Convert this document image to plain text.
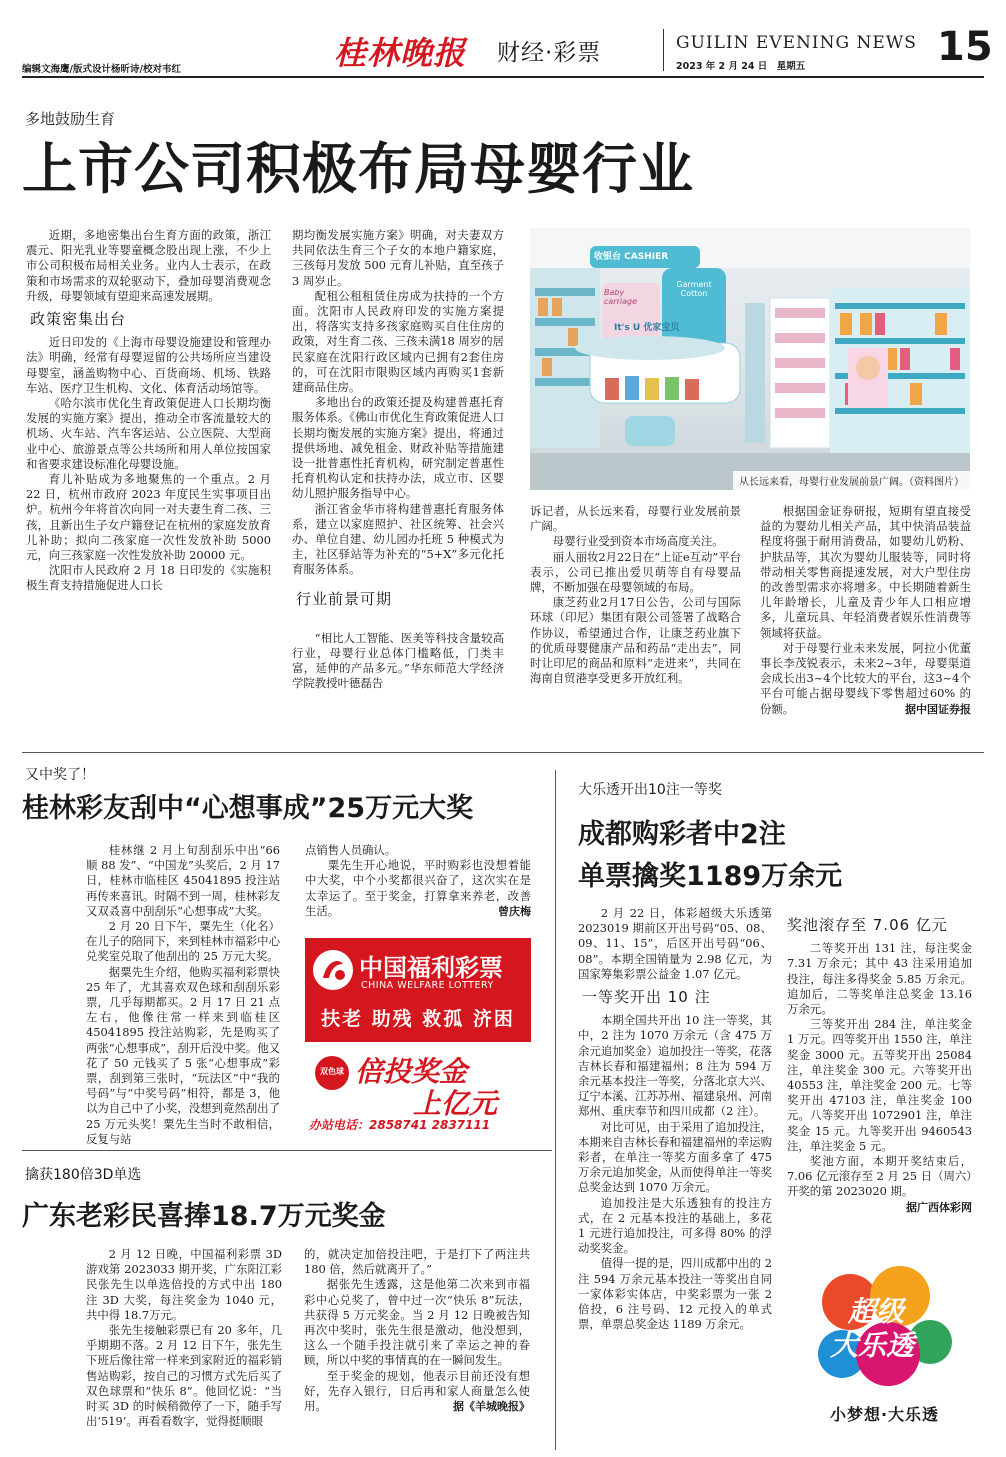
编辑文海鹰/版式设计杨昕诗/校对韦红	桂林晚报 财经·彩票	GUILIN EVENING NEWS
2023 年 2 月 24 日　星期五	15
多地鼓励生育
上市公司积极布局母婴行业

近期，多地密集出台生育方面的政策，浙江震元、阳光乳业等婴童概念股出现上涨，不少上市公司积极布局相关业务。业内人士表示，在政策和市场需求的双轮驱动下，叠加母婴消费观念升级，母婴领域有望迎来高速发展期。

政策密集出台

近日印发的《上海市母婴设施建设和管理办法》明确，经常有母婴逗留的公共场所应当建设母婴室，涵盖购物中心、百货商场、机场、铁路车站、医疗卫生机构、文化、体育活动场馆等。

《哈尔滨市优化生育政策促进人口长期均衡发展的实施方案》提出，推动全市客流量较大的机场、火车站、汽车客运站、公立医院、大型商业中心、旅游景点等公共场所和用人单位按国家和省要求建设标准化母婴设施。

育儿补贴成为多地聚焦的一个重点。2 月 22 日，杭州市政府 2023 年度民生实事项目出炉。杭州今年将首次向同一对夫妻生育二孩、三孩，且新出生子女户籍登记在杭州的家庭发放育儿补助；拟向二孩家庭一次性发放补助 5000 元，向三孩家庭一次性发放补助 20000 元。

沈阳市人民政府 2 月 18 日印发的《实施积极生育支持措施促进人口长

期均衡发展实施方案》明确，对夫妻双方共同依法生育三个子女的本地户籍家庭，三孩每月发放 500 元育儿补贴，直至孩子 3 周岁止。

配租公租租赁住房成为扶持的一个方面。沈阳市人民政府印发的实施方案提出，将落实支持多孩家庭购买自住住房的政策，对生育二孩、三孩未满18 周岁的居民家庭在沈阳行政区域内已拥有2套住房的，可在沈阳市限购区域内再购买1套新建商品住房。

多地出台的政策还提及构建普惠托育服务体系。《佛山市优化生育政策促进人口长期均衡发展的实施方案》提出，将通过提供场地、减免租金、财政补贴等措施建设一批普惠性托育机构，研究制定普惠性托育机构认定和扶持办法，成立市、区婴幼儿照护服务指导中心。

浙江省金华市将构建普惠托育服务体系，建立以家庭照护、社区统筹、社会兴办、单位自建、幼儿园办托班 5 种模式为主，社区驿站等为补充的“5+X”多元化托育服务体系。

行业前景可期

“相比人工智能、医美等科技含量较高行业，母婴行业总体门槛略低，门类丰富，延伸的产品多元。”华东师范大学经济学院教授叶德磊告

收银台 CASHIER
Garment Cotton
Baby carriage
It's U 优家宝贝
从长远来看，母婴行业发展前景广阔。（资料图片）

诉记者，从长远来看，母婴行业发展前景广阔。

母婴行业受到资本市场高度关注。

丽人丽妆2月22日在“上证e互动”平台表示，公司已推出爱贝萌等自有母婴品牌，不断加强在母婴领域的布局。

康芝药业2月17日公告，公司与国际环球（印尼）集团有限公司签署了战略合作协议，希望通过合作，让康芝药业旗下的优质母婴健康产品和药品“走出去”，同时让印尼的商品和原料“走进来”，共同在海南自贸港享受更多开放红利。

根据国金证券研报，短期有望直接受益的为婴幼儿相关产品，其中快消品装益程度将强于耐用消费品，如婴幼儿奶粉、护肤品等，其次为婴幼儿服装等，同时将带动相关零售商提速发展，对大户型住房的改善型需求亦将增多。中长期随着新生儿年龄增长，儿童及青少年人口相应增多，儿童玩具、年轻消费者娱乐性消费等领域将获益。

对于母婴行业未来发展，阿拉小优董事长李茂锐表示，未来2~3年，母婴渠道会成长出3~4个比较大的平台，这3~4个平台可能占据母婴线下零售超过60% 的份额。	据中国证券报
又中奖了！
桂林彩友刮中“心想事成”25万元大奖

桂林继 2 月上旬刮刮乐中出“66 顺 88 发”、“中国龙”头奖后，2 月 17 日，桂林市临桂区 45041895 投注站再传来喜讯。时隔不到一周，桂林彩友又双叒喜中刮刮乐“心想事成”大奖。

2 月 20 日下午，粟先生（化名）在儿子的陪同下，来到桂林市福彩中心兑奖室兑取了他刮出的 25 万元大奖。

据粟先生介绍，他购买福利彩票快 25 年了，尤其喜欢双色球和刮刮乐彩票，几乎每期都买。2 月 17 日 21 点左右，他像往常一样来到临桂区 45041895 投注站购彩，先是购买了两张“心想事成”，刮开后没中奖。他又花了 50 元钱买了 5 张“心想事成”彩票，刮到第三张时，“玩法区”中“我的号码”与“中奖号码”相符，都是 3，他以为自己中了小奖，没想到竟然刮出了 25 万元头奖！粟先生当时不敢相信，反复与站

点销售人员确认。

粟先生开心地说，平时购彩也没想着能中大奖，中个小奖都很兴奋了，这次实在是太幸运了。至于奖金，打算拿来养老，改善生活。	曾庆梅
中国福利彩票
CHINA WELFARE LOTTERY
扶老 助残 救孤 济困
双色球 倍投奖金
上亿元
办站电话：2858741 2837111
擒获180倍3D单选
广东老彩民喜捧18.7万元奖金

2 月 12 日晚，中国福利彩票 3D 游戏第 2023033 期开奖，广东阳江彩民张先生以单选倍投的方式中出 180 注 3D 大奖，每注奖金为 1040 元，共中得 18.7万元。

张先生接触彩票已有 20 多年，几乎期期不落。2 月 12 日下午，张先生下班后像往常一样来到家附近的福彩销售站购彩，按自己的习惯方式先后买了双色球票和“快乐 8”。他回忆说：“当时买 3D 的时候稍微停了一下，随手写出‘519’。再看看数字，觉得挺顺眼

的，就决定加倍投注吧，于是打下了两注共 180 倍，然后就离开了。”

据张先生透露，这是他第二次来到市福彩中心兑奖了，曾中过一次“快乐 8”玩法，共获得 5 万元奖金。当 2 月 12 日晚被告知再次中奖时，张先生很是激动，他没想到，这么一个随手投注就引来了幸运之神的眷顾，所以中奖的事情真的在一瞬间发生。

至于奖金的规划，他表示目前还没有想好，先存入银行，日后再和家人商量怎么使用。	据《羊城晚报》
大乐透开出10注一等奖
成都购彩者中2注
单票擒奖1189万余元

2 月 22 日，体彩超级大乐透第 2023019 期前区开出号码“05、08、09、11、15”，后区开出号码“06、08”。本期全国销量为 2.98 亿元，为国家筹集彩票公益金 1.07 亿元。

一等奖开出 10 注

本期全国共开出 10 注一等奖，其中，2 注为 1070 万余元（含 475 万余元追加奖金）追加投注一等奖，花落吉林长春和福建福州；8 注为 594 万余元基本投注一等奖，分落北京大兴、辽宁本溪、江苏苏州、福建泉州、河南郑州、重庆奉节和四川成都（2 注）。

对比可见，由于采用了追加投注，本期来自吉林长春和福建福州的幸运购彩者，在单注一等奖方面多拿了 475 万余元追加奖金，从而使得单注一等奖总奖金达到 1070 万余元。

追加投注是大乐透独有的投注方式，在 2 元基本投注的基础上，多花 1 元进行追加投注，可多得 80% 的浮动奖奖金。

值得一提的是，四川成都中出的 2 注 594 万余元基本投注一等奖出自同一家体彩实体店，中奖彩票为一张 2 倍投，6 注号码、12 元投入的单式票，单票总奖金达 1189 万余元。

奖池滚存至 7.06 亿元

二等奖开出 131 注，每注奖金 7.31 万余元；其中 43 注采用追加投注，每注多得奖金 5.85 万余元。追加后，二等奖单注总奖金 13.16 万余元。

三等奖开出 284 注，单注奖金 1 万元。四等奖开出 1550 注，单注奖金 3000 元。五等奖开出 25084 注，单注奖金 300 元。六等奖开出 40553 注，单注奖金 200 元。七等奖开出 47103 注，单注奖金 100 元。八等奖开出 1072901 注，单注奖金 15 元。九等奖开出 9460543 注，单注奖金 5 元。

奖池方面，本期开奖结束后，7.06 亿元滚存至 2 月 25 日（周六）开奖的第 2023020 期。

据广西体彩网
超级
大乐透
小梦想·大乐透
